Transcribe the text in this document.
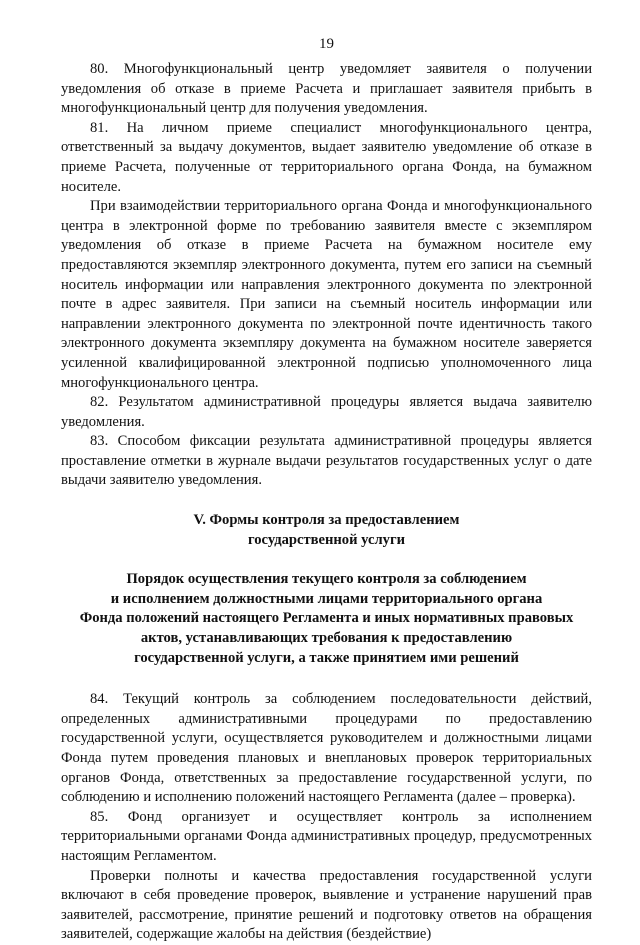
19

80. Многофункциональный центр уведомляет заявителя о получении уведомления об отказе в приеме Расчета и приглашает заявителя прибыть в многофункциональный центр для получения уведомления.

81. На личном приеме специалист многофункционального центра, ответственный за выдачу документов, выдает заявителю уведомление об отказе в приеме Расчета, полученные от территориального органа Фонда, на бумажном носителе.

При взаимодействии территориального органа Фонда и многофункционального центра в электронной форме по требованию заявителя вместе с экземпляром уведомления об отказе в приеме Расчета на бумажном носителе ему предоставляются экземпляр электронного документа, путем его записи на съемный носитель информации или направления электронного документа по электронной почте в адрес заявителя. При записи на съемный носитель информации или направлении электронного документа по электронной почте идентичность такого электронного документа экземпляру документа на бумажном носителе заверяется усиленной квалифицированной электронной подписью уполномоченного лица многофункционального центра.

82. Результатом административной процедуры является выдача заявителю уведомления.

83. Способом фиксации результата административной процедуры является проставление отметки в журнале выдачи результатов государственных услуг о дате выдачи заявителю уведомления.

V. Формы контроля за предоставлением
государственной услуги
Порядок осуществления текущего контроля за соблюдением
и исполнением должностными лицами территориального органа
Фонда положений настоящего Регламента и иных нормативных правовых
актов, устанавливающих требования к предоставлению
государственной услуги, а также принятием ими решений

84. Текущий контроль за соблюдением последовательности действий, определенных административными процедурами по предоставлению государственной услуги, осуществляется руководителем и должностными лицами Фонда путем проведения плановых и внеплановых проверок территориальных органов Фонда, ответственных за предоставление государственной услуги, по соблюдению и исполнению положений настоящего Регламента (далее – проверка).

85. Фонд организует и осуществляет контроль за исполнением территориальными органами Фонда административных процедур, предусмотренных настоящим Регламентом.

Проверки полноты и качества предоставления государственной услуги включают в себя проведение проверок, выявление и устранение нарушений прав заявителей, рассмотрение, принятие решений и подготовку ответов на обращения заявителей, содержащие жалобы на действия (бездействие)
